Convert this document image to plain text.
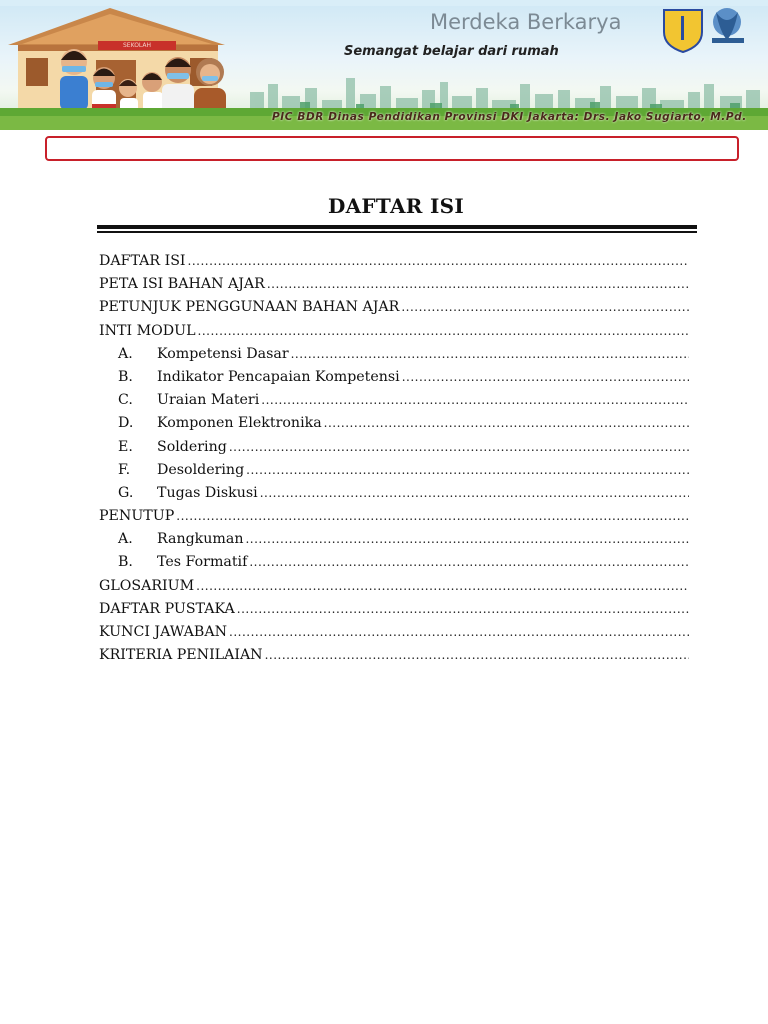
SEKOLAH
Merdeka Berkarya
Semangat belajar dari rumah
PIC BDR Dinas Pendidikan Provinsi DKI Jakarta: Drs. Jako Sugiarto, M.Pd.
DAFTAR ISI
DAFTAR ISI
.....
PETA ISI BAHAN AJAR
.....
PETUNJUK PENGGUNAAN BAHAN AJAR
.....
INTI MODUL
.....
A.	Kompetensi Dasar
.....
B.	Indikator Pencapaian Kompetensi
.....
C.	Uraian Materi
.....
D.	Komponen Elektronika
.....
E.	Soldering
.....
F.	Desoldering
.....
G.	Tugas Diskusi
.....
PENUTUP
.....
A.	Rangkuman
.....
B.	Tes Formatif
.....
GLOSARIUM
.....
DAFTAR PUSTAKA
.....
KUNCI JAWABAN
.....
KRITERIA PENILAIAN
.....
